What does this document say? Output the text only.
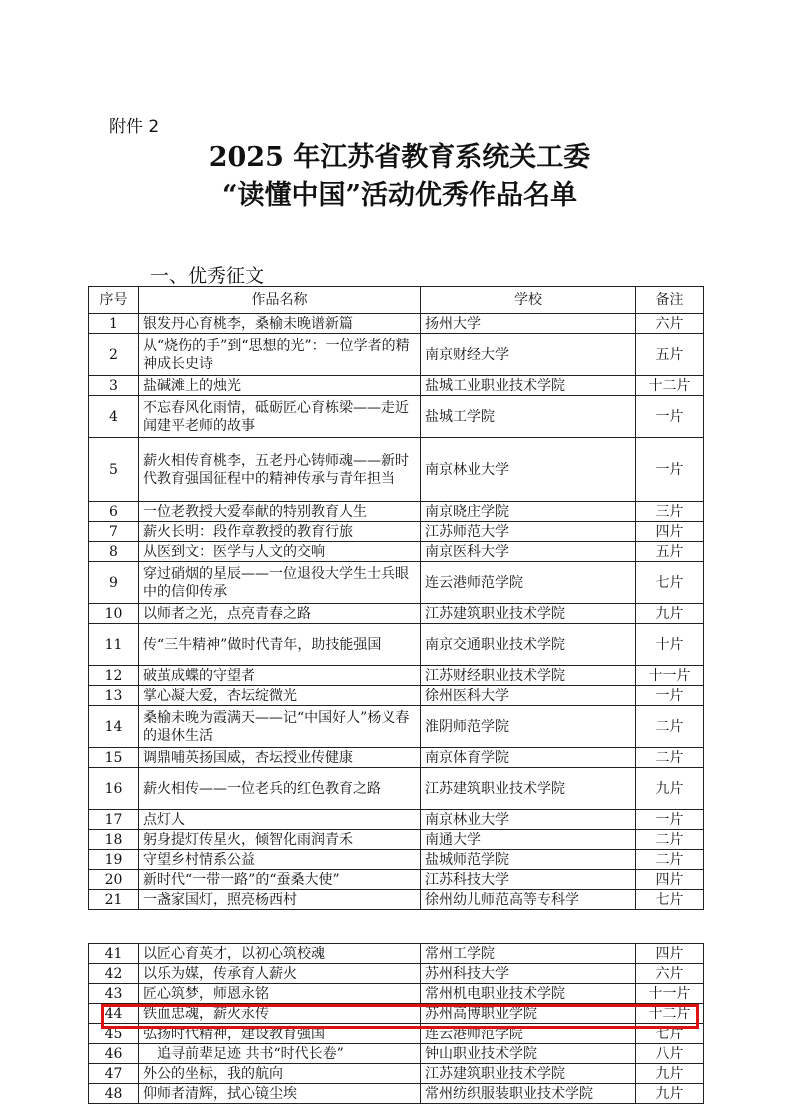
附件 2
2025 年江苏省教育系统关工委
“读懂中国”活动优秀作品名单
一、优秀征文
序号	作品名称	学校	备注
1	银发丹心育桃李，桑榆未晚谱新篇	扬州大学	六片
2	从“烧伤的手”到“思想的光”：一位学者的精神成长史诗	南京财经大学	五片
3	盐碱滩上的烛光	盐城工业职业技术学院	十二片
4	不忘春风化雨情，砥砺匠心育栋梁——走近闻建平老师的故事	盐城工学院	一片
5	薪火相传育桃李，五老丹心铸师魂——新时代教育强国征程中的精神传承与青年担当	南京林业大学	一片
6	一位老教授大爱奉献的特别教育人生	南京晓庄学院	三片
7	薪火长明：段作章教授的教育行旅	江苏师范大学	四片
8	从医到文：医学与人文的交响	南京医科大学	五片
9	穿过硝烟的星辰——一位退役大学生士兵眼中的信仰传承	连云港师范学院	七片
10	以师者之光，点亮青春之路	江苏建筑职业技术学院	九片
11	传“三牛精神”做时代青年，助技能强国	南京交通职业技术学院	十片
12	破茧成蝶的守望者	江苏财经职业技术学院	十一片
13	掌心凝大爱，杏坛绽微光	徐州医科大学	一片
14	桑榆未晚为霞满天——记“中国好人”杨义春的退休生活	淮阴师范学院	二片
15	调鼎哺英扬国威，杏坛授业传健康	南京体育学院	二片
16	薪火相传——一位老兵的红色教育之路	江苏建筑职业技术学院	九片
17	点灯人	南京林业大学	一片
18	躬身提灯传星火，倾智化雨润青禾	南通大学	二片
19	守望乡村情系公益	盐城师范学院	二片
20	新时代“一带一路”的“蚕桑大使”	江苏科技大学	四片
21	一盏家国灯，照亮杨西村	徐州幼儿师范高等专科学	七片
41	以匠心育英才，以初心筑校魂	常州工学院	四片
42	以乐为媒，传承育人薪火	苏州科技大学	六片
43	匠心筑梦，师恩永铭	常州机电职业技术学院	十一片
44	铁血忠魂，薪火永传	苏州高博职业学院	十二片
45	弘扬时代精神，建设教育强国	连云港师范学院	七片
46	　追寻前辈足迹 共书“时代长卷”	钟山职业技术学院	八片
47	外公的坐标，我的航向	江苏建筑职业技术学院	九片
48	仰师者清辉，拭心镜尘埃	常州纺织服装职业技术学院	九片
